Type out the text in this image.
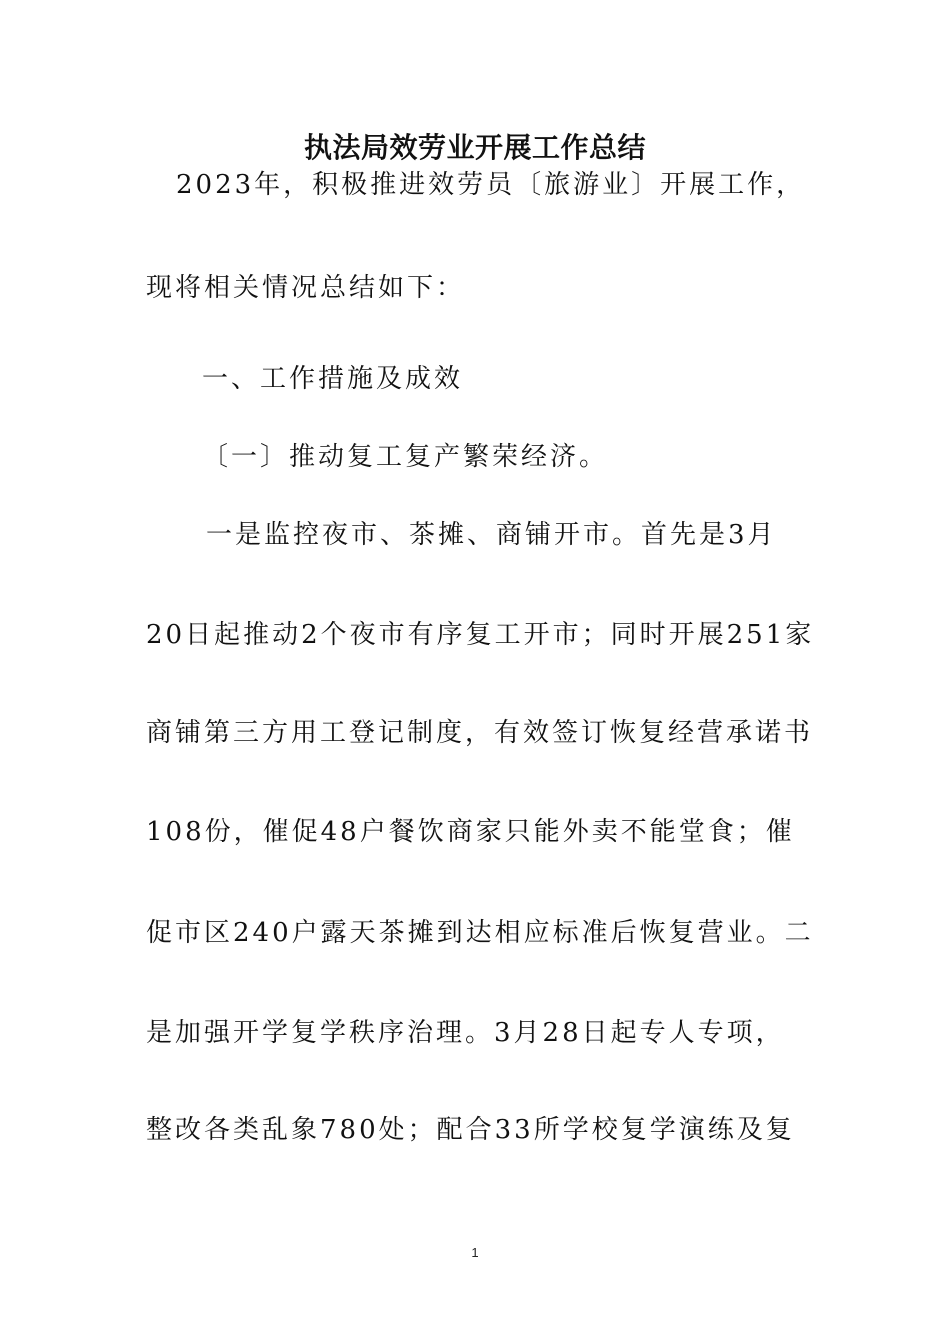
执法局效劳业开展工作总结
2023年，积极推进效劳员〔旅游业〕开展工作，
现将相关情况总结如下：
一、工作措施及成效
〔一〕推动复工复产繁荣经济。
一是监控夜市、茶摊、商铺开市。首先是3月
20日起推动2个夜市有序复工开市；同时开展251家
商铺第三方用工登记制度，有效签订恢复经营承诺书
108份，催促48户餐饮商家只能外卖不能堂食；催
促市区240户露天茶摊到达相应标准后恢复营业。二
是加强开学复学秩序治理。3月28日起专人专项，
整改各类乱象780处；配合33所学校复学演练及复
1
